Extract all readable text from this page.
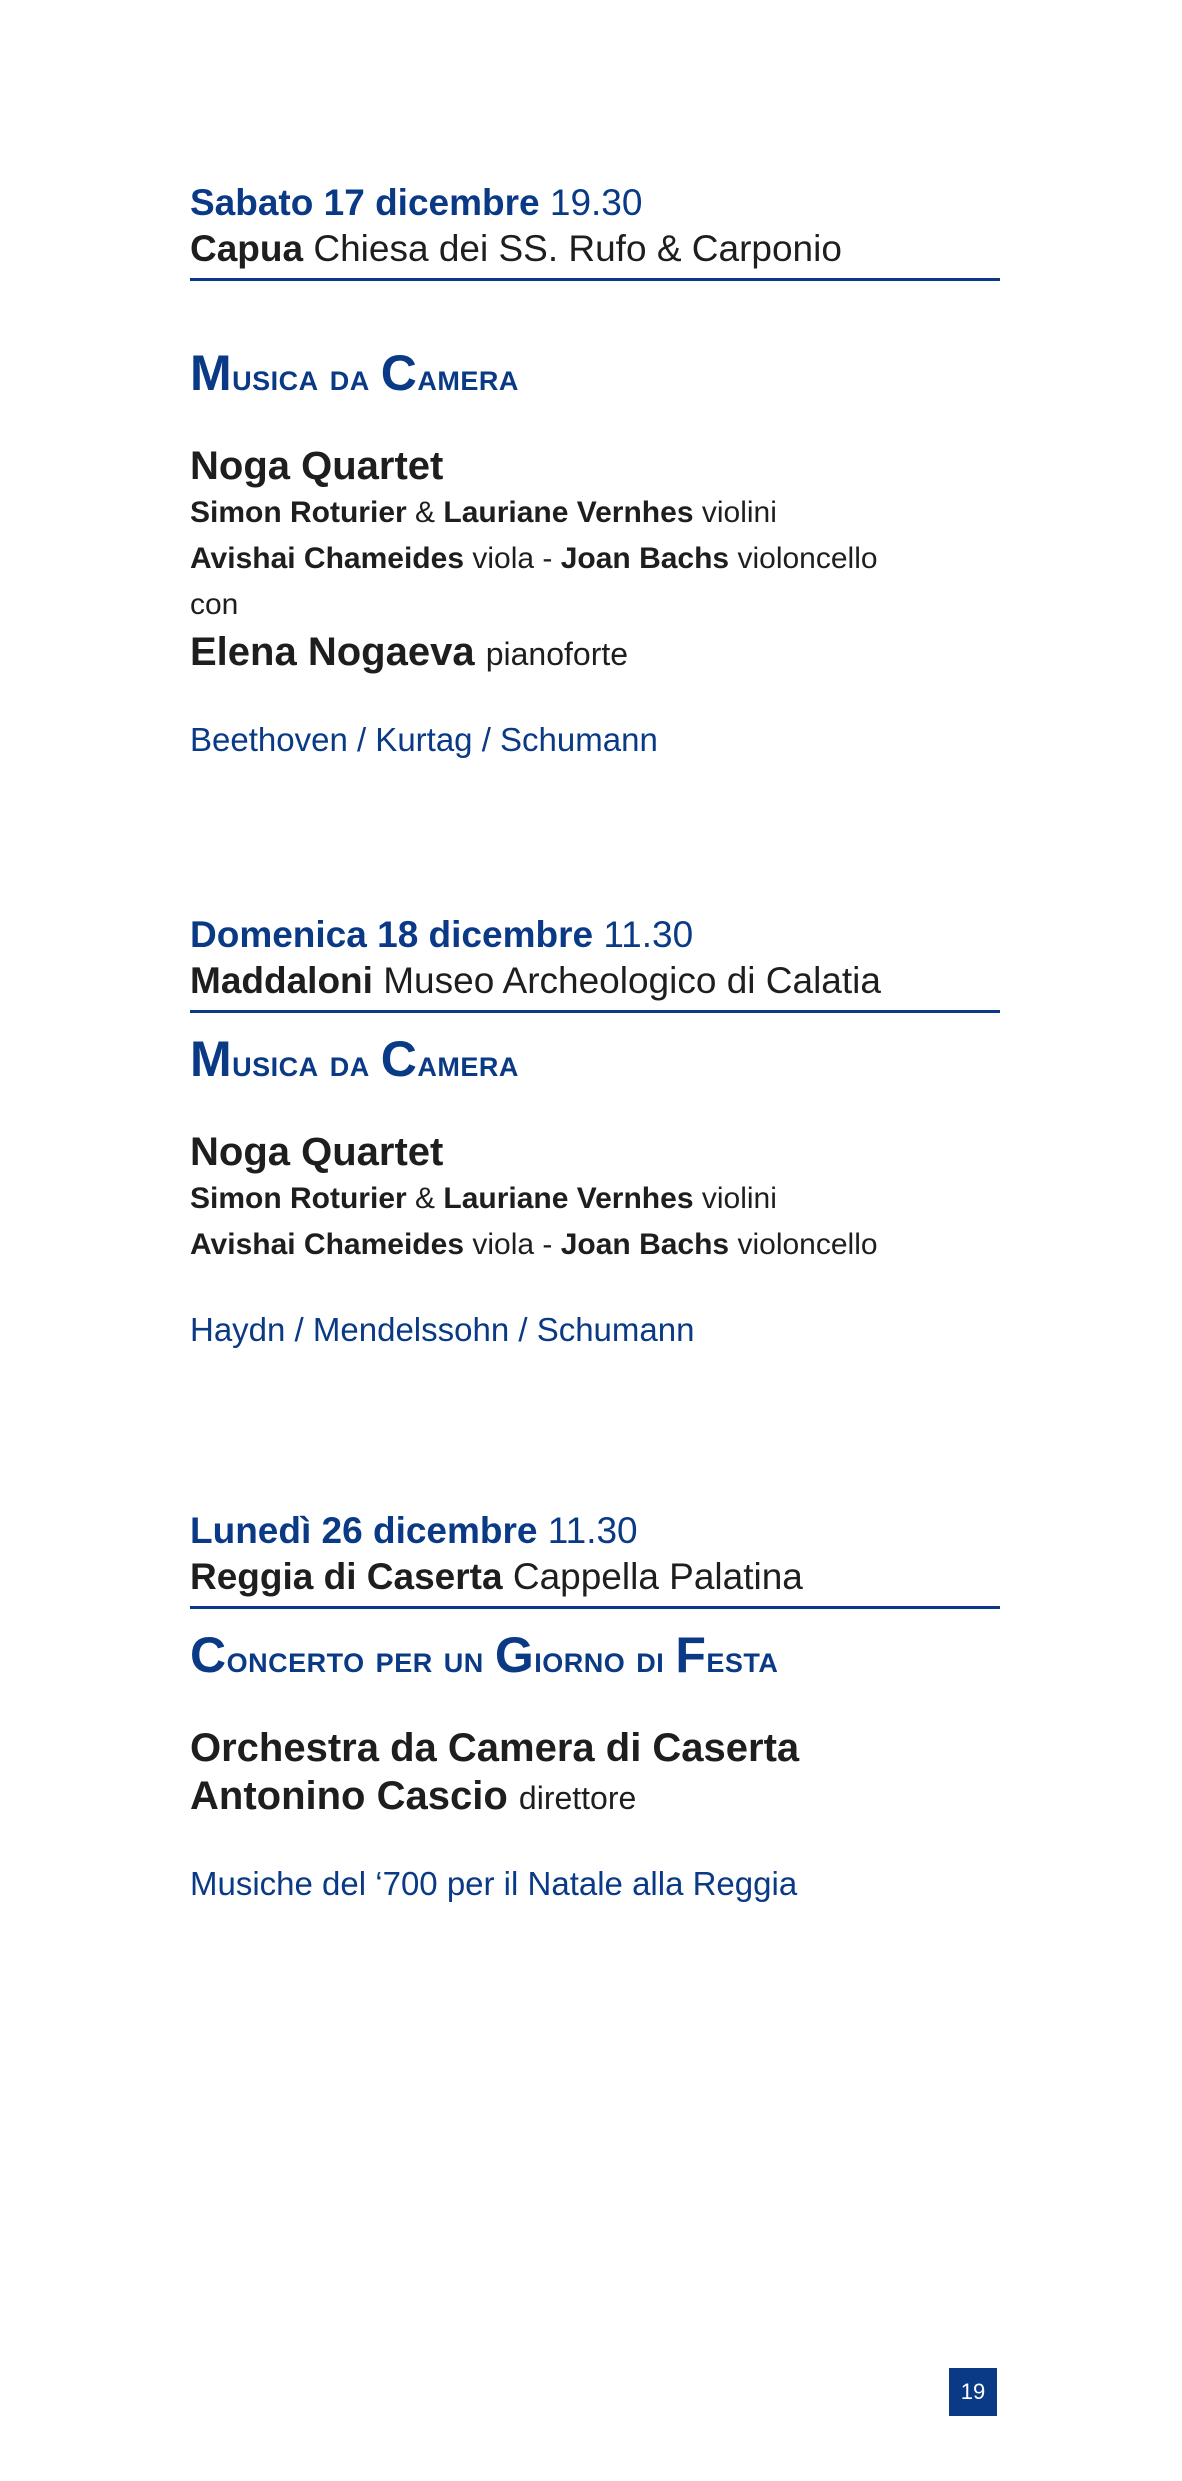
Sabato 17 dicembre 19.30
Capua Chiesa dei SS. Rufo & Carponio
Musica da Camera
Noga Quartet
Simon Roturier & Lauriane Vernhes violini
Avishai Chameides viola - Joan Bachs violoncello
con
Elena Nogaeva pianoforte
Beethoven / Kurtag / Schumann
Domenica 18 dicembre 11.30
Maddaloni Museo Archeologico di Calatia
Musica da Camera
Noga Quartet
Simon Roturier & Lauriane Vernhes violini
Avishai Chameides viola - Joan Bachs violoncello
Haydn / Mendelssohn / Schumann
Lunedì 26 dicembre 11.30
Reggia di Caserta Cappella Palatina
Concerto per un Giorno di Festa
Orchestra da Camera di Caserta
Antonino Cascio direttore
Musiche del ‘700 per il Natale alla Reggia
19
